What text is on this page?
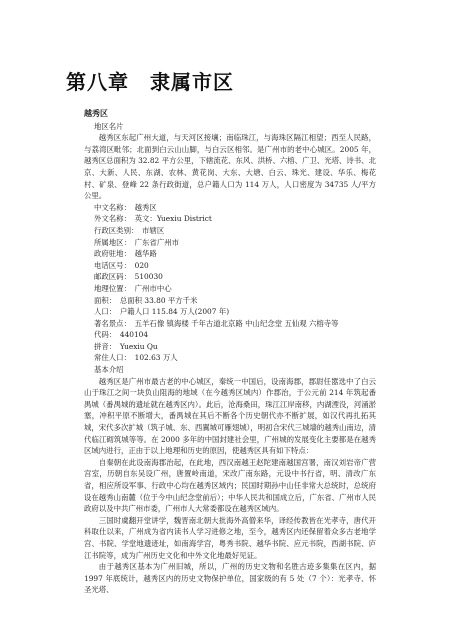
第八章　隶属市区
越秀区
地区名片

越秀区东起广州大道，与天河区接壤；南临珠江，与海珠区隔江相望；西至人民路，与荔湾区毗邻；北面到白云山山脚，与白云区相邻。是广州市的老中心城区。2005 年，越秀区总面积为 32.82 平方公里，下辖流花、东风、洪桥、六榕、广卫、光塔、诗书、北京、大新、人民、东湖、农林、黄花岗、大东、大塘、白云、珠光、建设、华乐、梅花村、矿泉、登峰 22 条行政街道，总户籍人口为 114 万人，人口密度为 34735 人/平方公里。

中文名称：　越秀区

外文名称：　英文：Yuexiu District

行政区类别：　市辖区

所属地区：　广东省广州市

政府驻地：　越华路

电话区号：　020

邮政区码：　510030

地理位置：　广州市中心

面积：　总面积 33.80 平方千米

人口：　户籍人口 115.84 万人(2007 年)

著名景点：　五羊石像 镇海楼 千年古道北京路 中山纪念堂 五仙观 六榕寺等

代码：　440104

拼音：　Yuexiu Qu

常住人口：　102.63 万人

基本介绍

越秀区是广州市最古老的中心城区，秦统一中国后，设南海郡，郡尉任嚣选中了白云 山于珠江之间一块负山阻海的地域（在今越秀区域内）作郡治，于公元前 214 年筑起番禺城（番禺城的遗址就在越秀区内）。此后，沧海桑田，珠江江岸南移，内湖湮没，河涌淤塞，冲积平原不断增大，番禺城在其后不断各个历史朝代亦不断扩展，如汉代再扎拓其城，宋代多次扩城（筑子城、东、西翼城可雁翅城），明初合宋代三城墙的越秀山南边，清代临江砌筑城等等。在 2000 多年的中国封建社会里，广州城的发展变化主要都是在越秀区域内进行，正由于以上地理和历史的原因，使越秀区具有如下特点：

自秦朝在此设南海郡治起，在此地，西汉南越王赵陀建南越国宫署，南汉刘岩帝广营宫室，历朝自东吴设广州，唐置岭南道，宋改广南东路，元设中书行省，明、清改广东省，相应所设军事、行政中心均在越秀区域内；民国时期孙中山任非常大总统时，总统府设在越秀山南麓（位于今中山纪念堂前后）；中华人民共和国成立后，广东省、广州市人民政府以及中共广州市委，广州市人大常委都设在越秀区域内。

三国时虞翻开堂讲学，魏晋南北朝大批海外高僧来华，译经传教皆在光孝寺，唐代开科取仕以来，广州成为省内读书人学习进修之地，至今，越秀区内还保留着众多古老地学宫、书院、学堂地遗迹址，如南海学宫，粤秀书院、越华书院、应元书院，西湖书院、庐江书院等，成为广州历史文化和中外文化地最好见证。

由于越秀区基本为广州旧城，所以，广州的历史文物和名胜古迹多集集在区内，据 1997 年底统计，越秀区内的历史文物保护单位，国家级的有 5 处（7 个）：光孝寺、怀 圣光塔、
